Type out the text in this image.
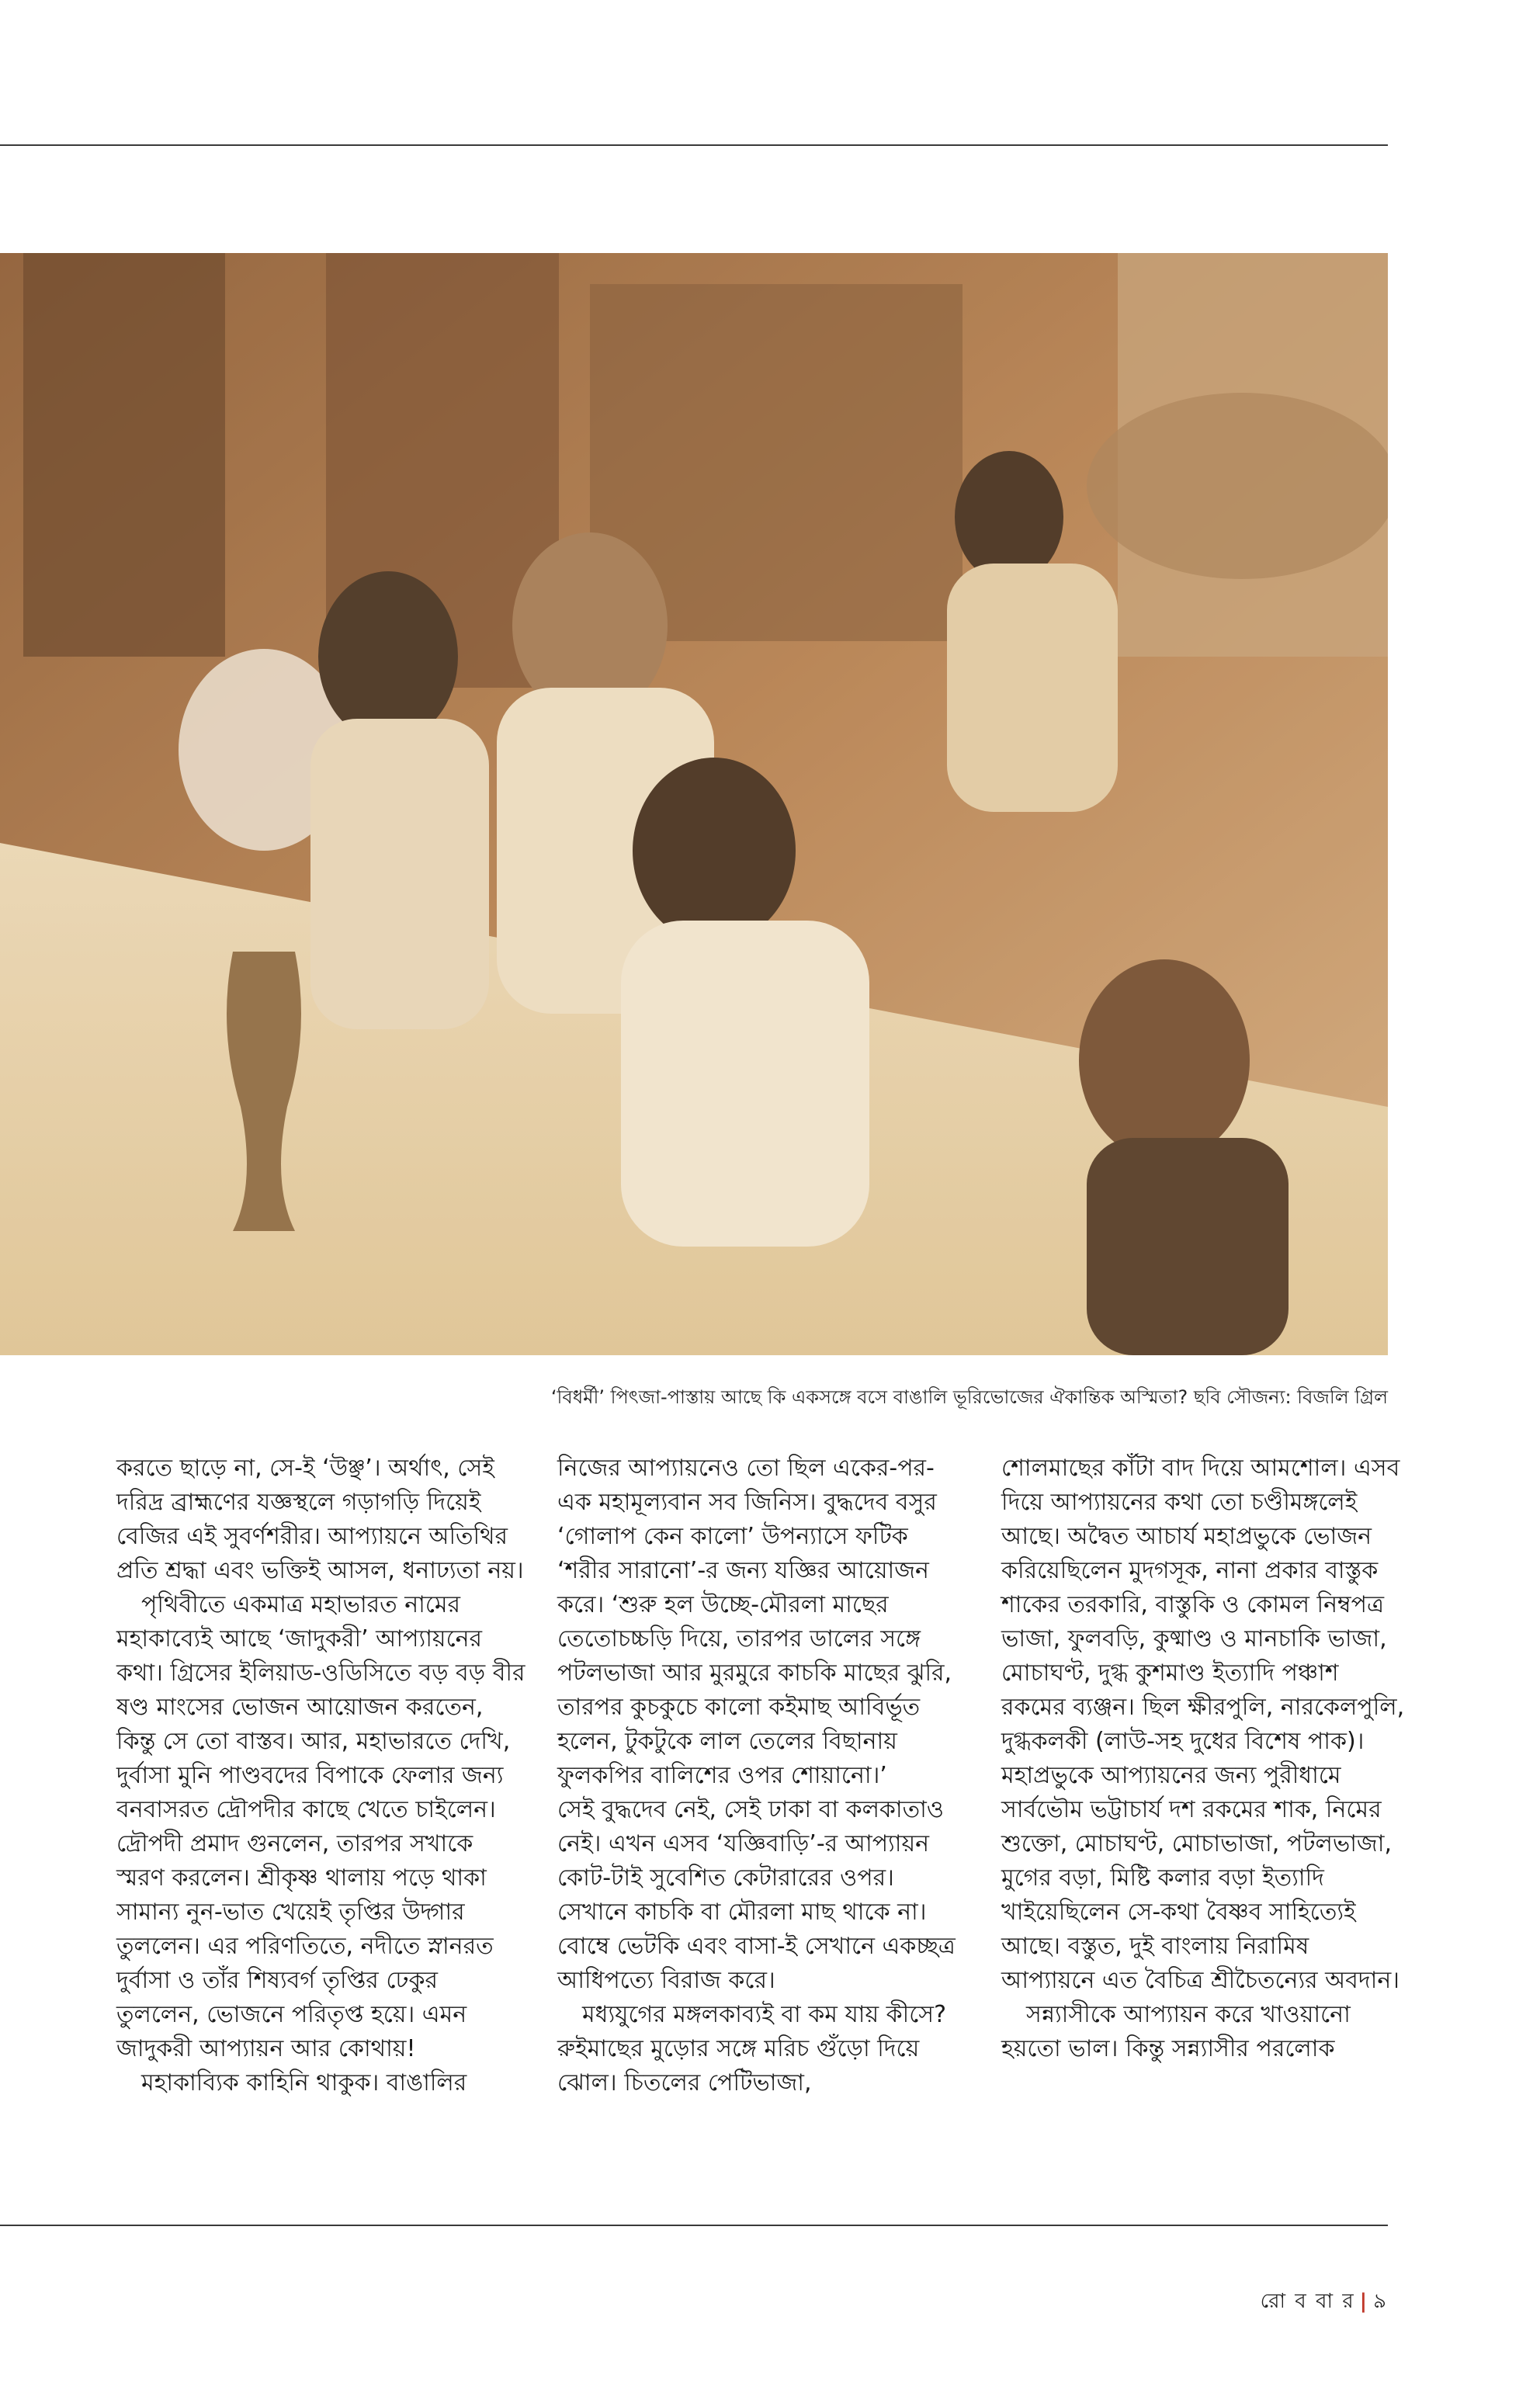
‘বিধর্মী’ পিৎজা-পাস্তায় আছে কি একসঙ্গে বসে বাঙালি ভূরিভোজের ঐকান্তিক অস্মিতা? ছবি সৌজন্য: বিজলি গ্রিল

করতে ছাড়ে না, সে-ই ‘উঞ্ছ’। অর্থাৎ, সেই দরিদ্র ব্রাহ্মণের যজ্ঞস্থলে গড়াগড়ি দিয়েই বেজির এই সুবর্ণশরীর। আপ্যায়নে অতিথির প্রতি শ্রদ্ধা এবং ভক্তিই আসল, ধনাঢ্যতা নয়।

পৃথিবীতে একমাত্র মহাভারত নামের মহাকাব্যেই আছে ‘জাদুকরী’ আপ্যায়নের কথা। গ্রিসের ইলিয়াড-ওডিসিতে বড় বড় বীর ষণ্ড মাংসের ভোজন আয়োজন করতেন, কিন্তু সে তো বাস্তব। আর, মহাভারতে দেখি, দুর্বাসা মুনি পাণ্ডবদের বিপাকে ফেলার জন্য বনবাসরত দ্রৌপদীর কাছে খেতে চাইলেন। দ্রৌপদী প্রমাদ গুনলেন, তারপর সখাকে স্মরণ করলেন। শ্রীকৃষ্ণ থালায় পড়ে থাকা সামান্য নুন-ভাত খেয়েই তৃপ্তির উদ্গার তুললেন। এর পরিণতিতে, নদীতে স্নানরত দুর্বাসা ও তাঁর শিষ্যবর্গ তৃপ্তির ঢেকুর তুললেন, ভোজনে পরিতৃপ্ত হয়ে। এমন জাদুকরী আপ্যায়ন আর কোথায়!

মহাকাব্যিক কাহিনি থাকুক। বাঙালির

নিজের আপ্যায়নেও তো ছিল একের-পর-এক মহামূল্যবান সব জিনিস। বুদ্ধদেব বসুর ‘গোলাপ কেন কালো’ উপন্যাসে ফটিক ‘শরীর সারানো’-র জন্য যজ্ঞির আয়োজন করে। ‘শুরু হল উচ্ছে-মৌরলা মাছের তেতোচচ্চড়ি দিয়ে, তারপর ডালের সঙ্গে পটলভাজা আর মুরমুরে কাচকি মাছের ঝুরি, তারপর কুচকুচে কালো কইমাছ আবির্ভূত হলেন, টুকটুকে লাল তেলের বিছানায় ফুলকপির বালিশের ওপর শোয়ানো।’

সেই বুদ্ধদেব নেই, সেই ঢাকা বা কলকাতাও নেই। এখন এসব ‘যজ্ঞিবাড়ি’-র আপ্যায়ন কোট-টাই সুবেশিত কেটারারের ওপর। সেখানে কাচকি বা মৌরলা মাছ থাকে না। বোম্বে ভেটকি এবং বাসা-ই সেখানে একচ্ছত্র আধিপত্যে বিরাজ করে।

মধ্যযুগের মঙ্গলকাব্যই বা কম যায় কীসে? রুইমাছের মুড়োর সঙ্গে মরিচ গুঁড়ো দিয়ে ঝোল। চিতলের পেটিভাজা,

শোলমাছের কাঁটা বাদ দিয়ে আমশোল। এসব দিয়ে আপ্যায়নের কথা তো চণ্ডীমঙ্গলেই আছে। অদ্বৈত আচার্য মহাপ্রভুকে ভোজন করিয়েছিলেন মুদগসূক, নানা প্রকার বাস্তুক শাকের তরকারি, বাস্তুকি ও কোমল নিম্বপত্র ভাজা, ফুলবড়ি, কুষ্মাণ্ড ও মানচাকি ভাজা, মোচাঘণ্ট, দুগ্ধ কুশমাণ্ড ইত্যাদি পঞ্চাশ রকমের ব্যঞ্জন। ছিল ক্ষীরপুলি, নারকেলপুলি, দুগ্ধকলকী (লাউ-সহ দুধের বিশেষ পাক)। মহাপ্রভুকে আপ্যায়নের জন্য পুরীধামে সার্বভৌম ভট্টাচার্য দশ রকমের শাক, নিমের শুক্তো, মোচাঘণ্ট, মোচাভাজা, পটলভাজা, মুগের বড়া, মিষ্টি কলার বড়া ইত্যাদি খাইয়েছিলেন সে-কথা বৈষ্ণব সাহিত্যেই আছে। বস্তুত, দুই বাংলায় নিরামিষ আপ্যায়নে এত বৈচিত্র শ্রীচৈতন্যের অবদান।

সন্ন্যাসীকে আপ্যায়ন করে খাওয়ানো হয়তো ভাল। কিন্তু সন্ন্যাসীর পরলোক

রো ব বা র | ৯
